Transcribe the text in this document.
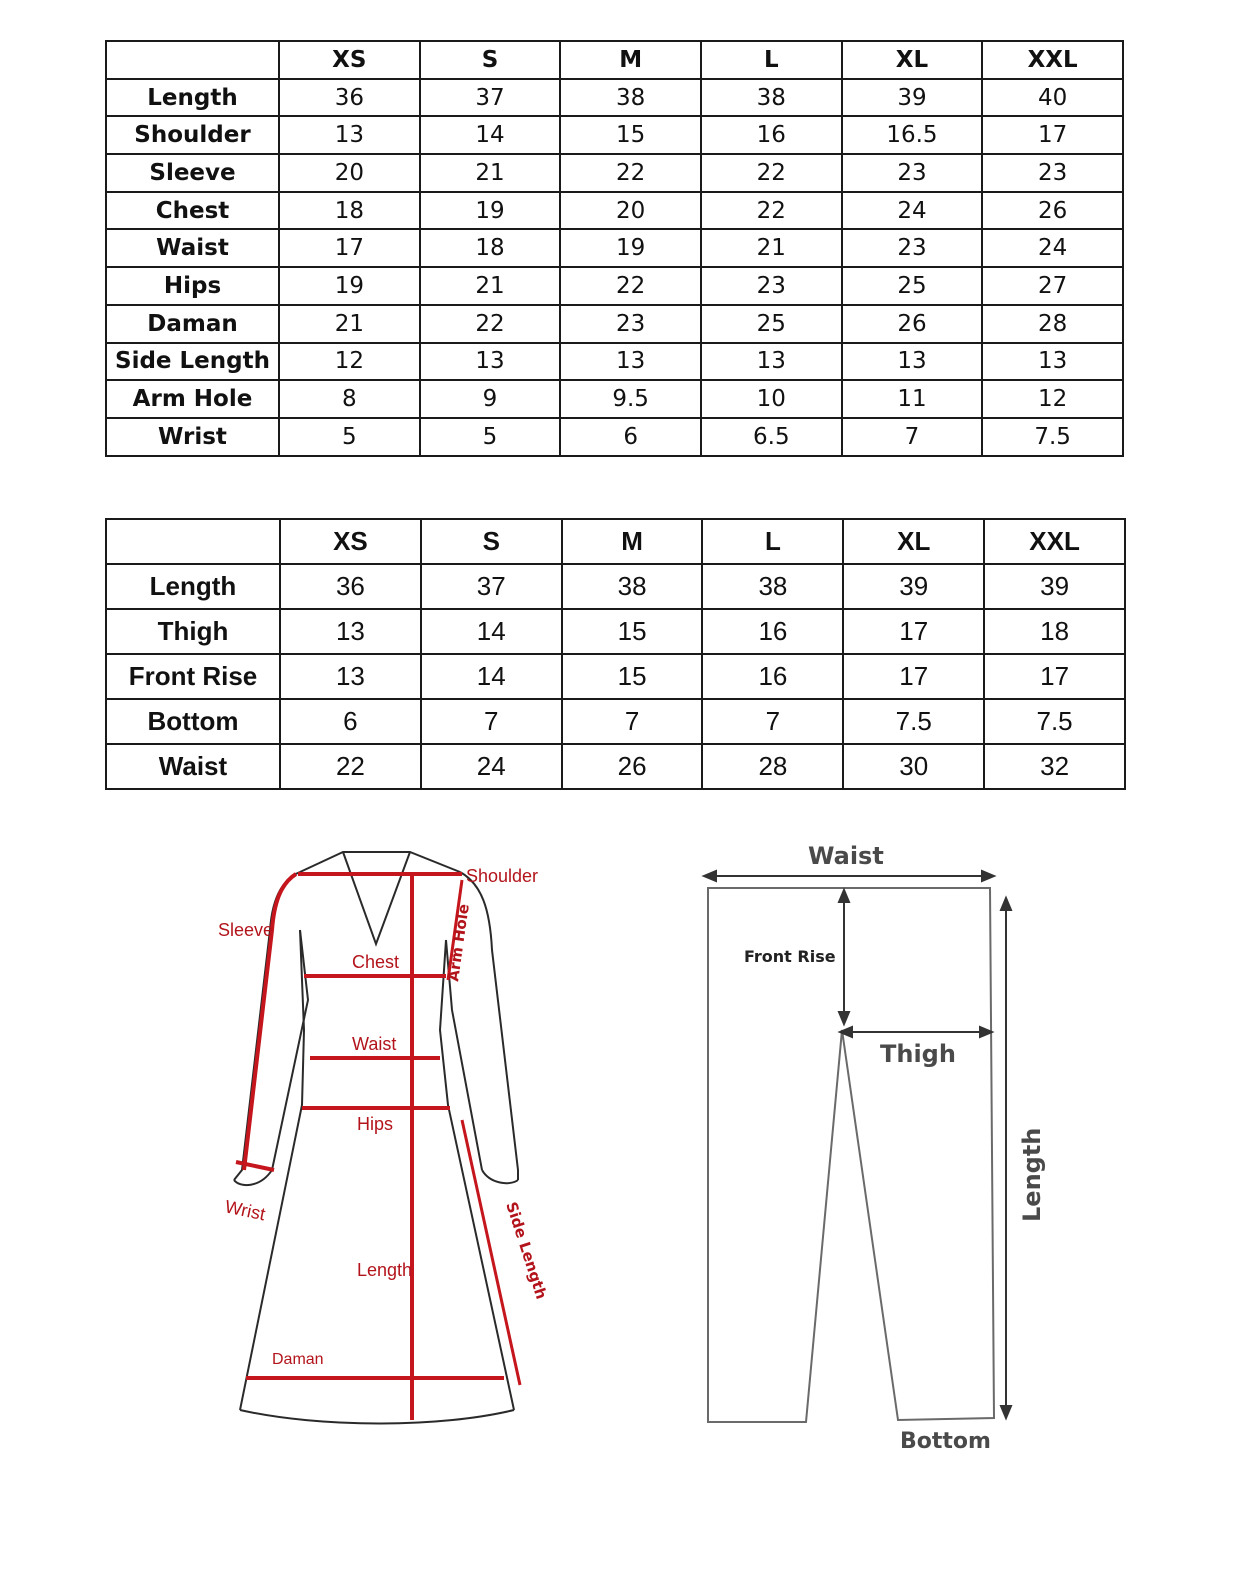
	XS	S	M	L	XL	XXL
Length	36	37	38	38	39	40
Shoulder	13	14	15	16	16.5	17
Sleeve	20	21	22	22	23	23
Chest	18	19	20	22	24	26
Waist	17	18	19	21	23	24
Hips	19	21	22	23	25	27
Daman	21	22	23	25	26	28
Side Length	12	13	13	13	13	13
Arm Hole	8	9	9.5	10	11	12
Wrist	5	5	6	6.5	7	7.5
	XS	S	M	L	XL	XXL
Length	36	37	38	38	39	39
Thigh	13	14	15	16	17	18
Front Rise	13	14	15	16	17	17
Bottom	6	7	7	7	7.5	7.5
Waist	22	24	26	28	30	32
Shoulder
Sleeve
Chest
Waist
Hips
Wrist
Length
Daman
Arm Hole
Side Length
Waist
Front Rise
Thigh
Length
Bottom
